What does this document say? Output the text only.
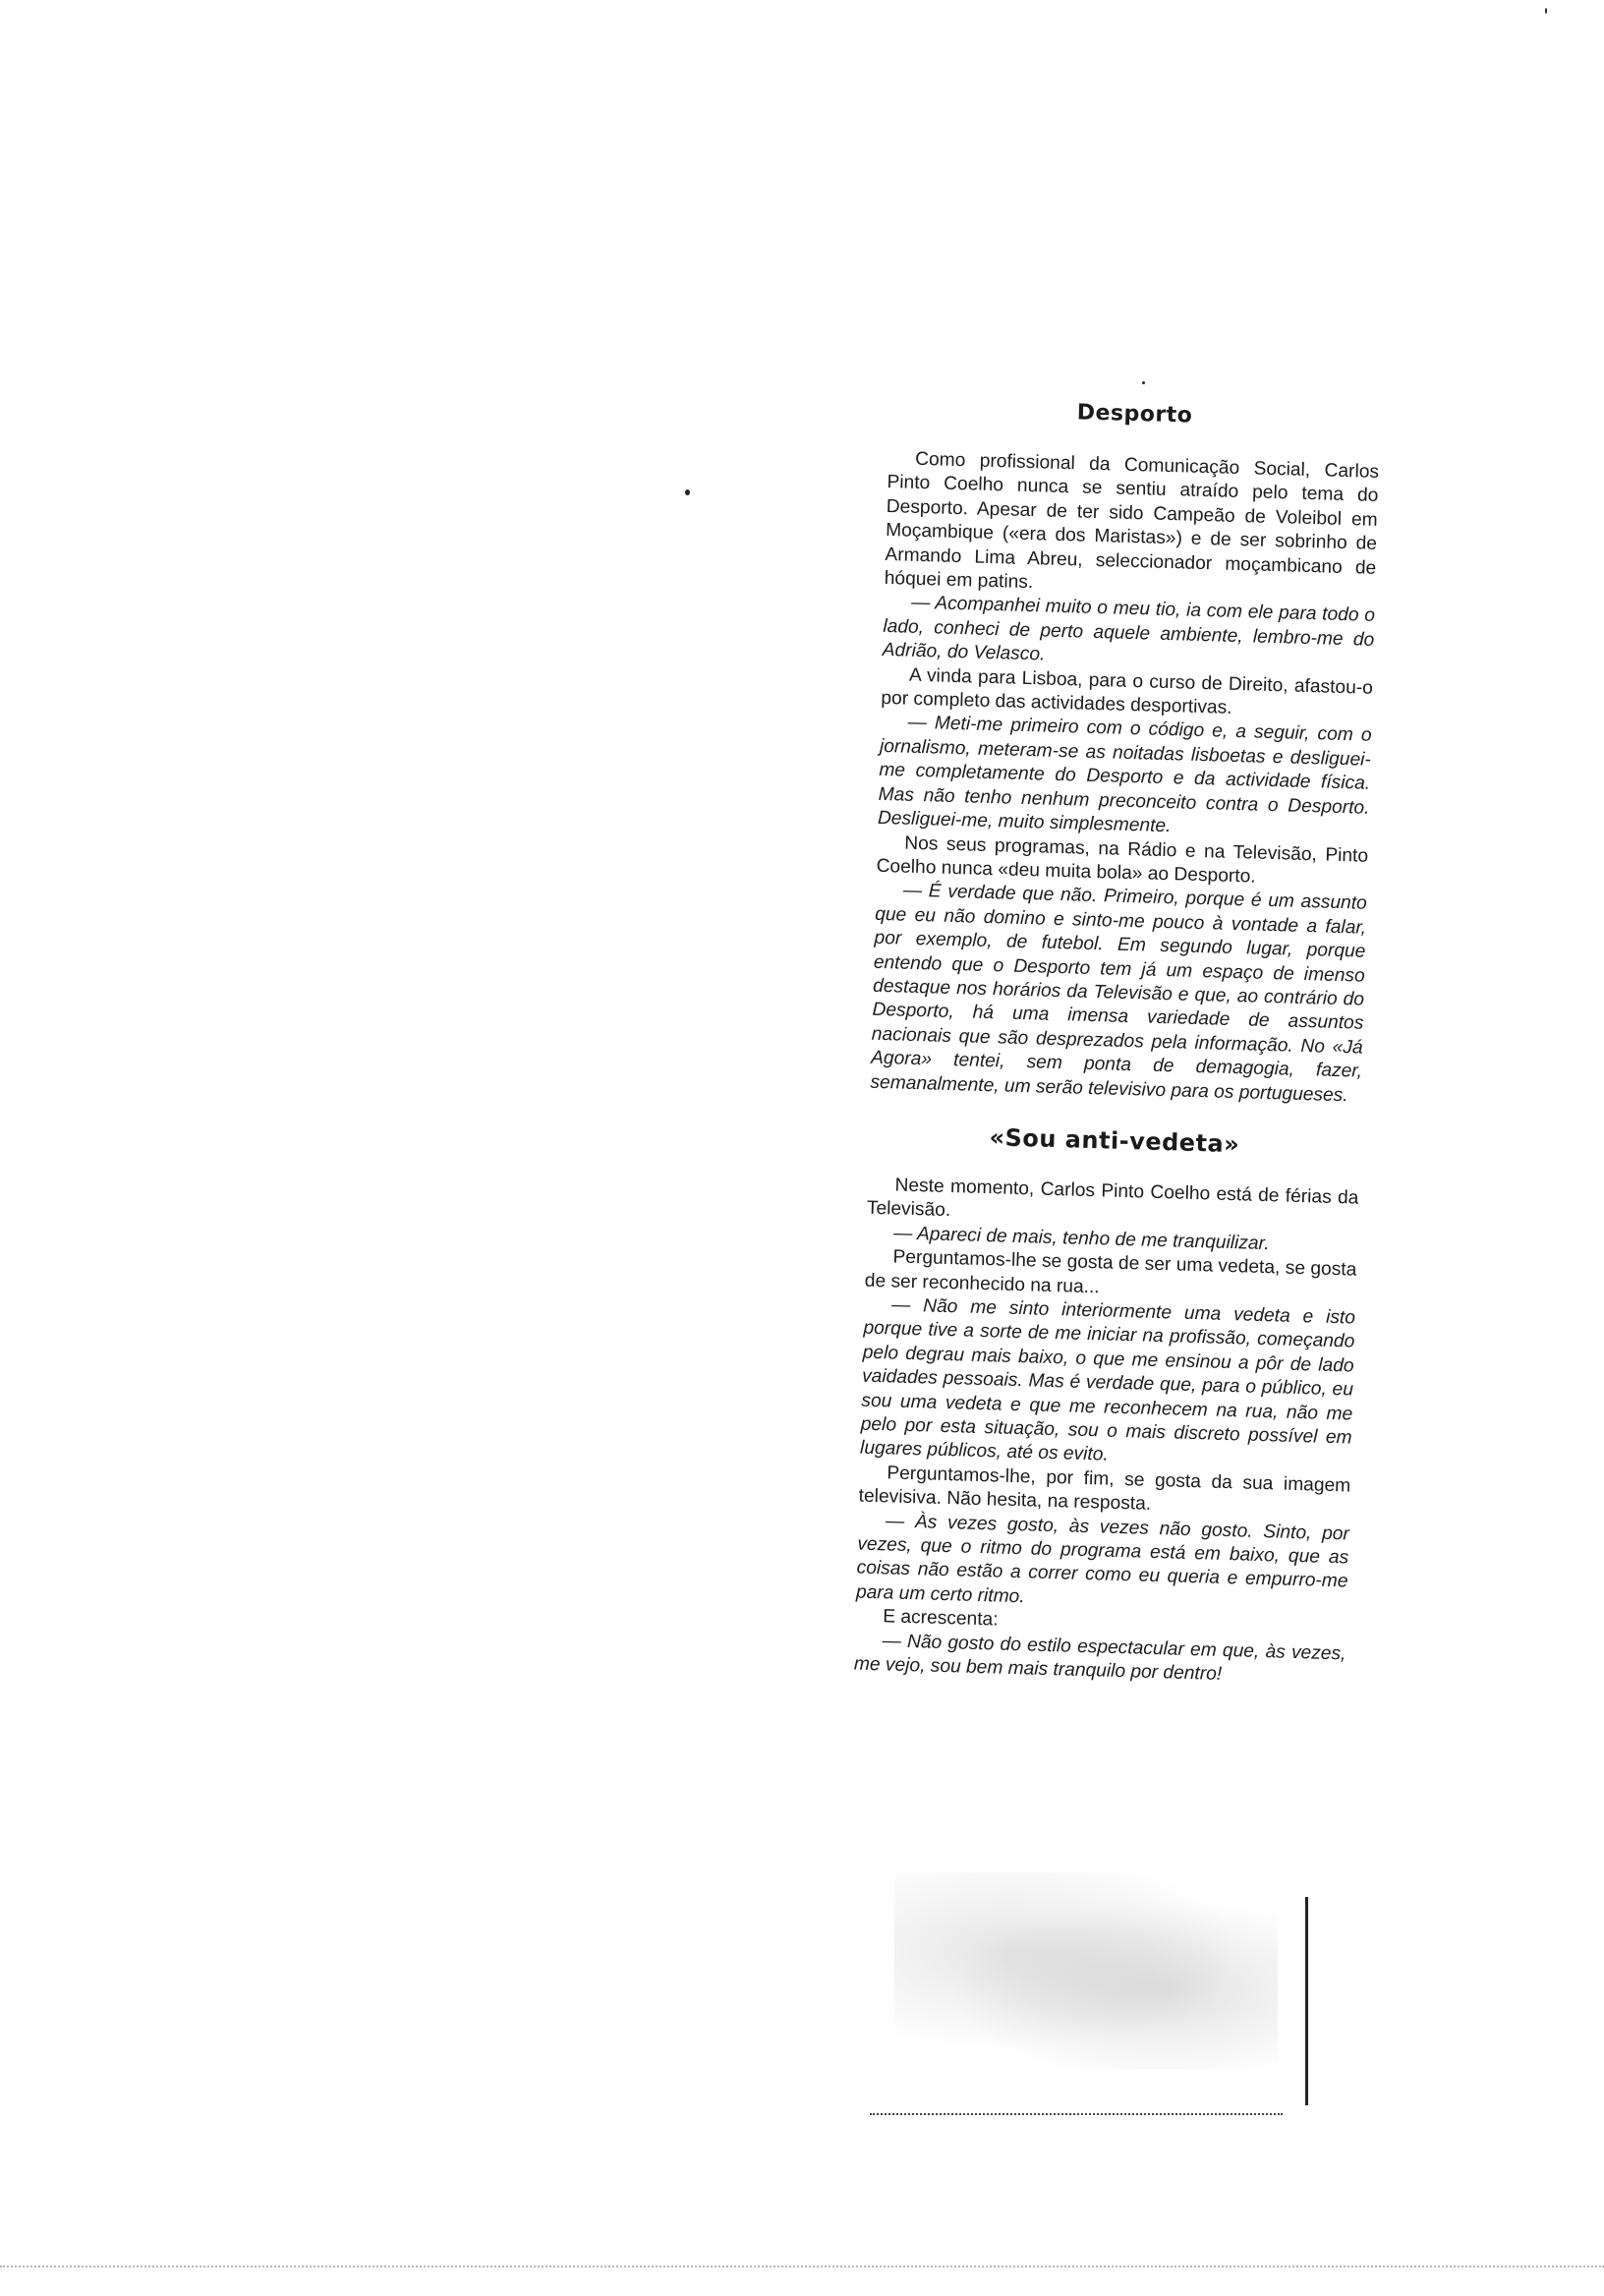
Desporto

Como profissional da Comunicação Social, Carlos Pinto Coelho nunca se sentiu atraído pelo tema do Desporto. Apesar de ter sido Campeão de Voleibol em Moçambique («era dos Maristas») e de ser sobrinho de Armando Lima Abreu, seleccionador moçambicano de hóquei em patins.

— Acompanhei muito o meu tio, ia com ele para todo o lado, conheci de perto aquele ambiente, lembro-me do Adrião, do Velasco.

A vinda para Lisboa, para o curso de Direito, afastou-o por completo das actividades desportivas.

— Meti-me primeiro com o código e, a seguir, com o jornalismo, meteram-se as noitadas lisboetas e desliguei-me completamente do Desporto e da actividade física. Mas não tenho nenhum preconceito contra o Desporto. Desliguei-me, muito simplesmente.

Nos seus programas, na Rádio e na Televisão, Pinto Coelho nunca «deu muita bola» ao Desporto.

— É verdade que não. Primeiro, porque é um assunto que eu não domino e sinto-me pouco à vontade a falar, por exemplo, de futebol. Em segundo lugar, porque entendo que o Desporto tem já um espaço de imenso destaque nos horários da Televisão e que, ao contrário do Desporto, há uma imensa variedade de assuntos nacionais que são desprezados pela informação. No «Já Agora» tentei, sem ponta de demagogia, fazer, semanalmente, um serão televisivo para os portugueses.

«Sou anti-vedeta»

Neste momento, Carlos Pinto Coelho está de férias da Televisão.

— Apareci de mais, tenho de me tranquilizar.

Perguntamos-lhe se gosta de ser uma vedeta, se gosta de ser reconhecido na rua...

— Não me sinto interiormente uma vedeta e isto porque tive a sorte de me iniciar na profissão, começando pelo degrau mais baixo, o que me ensinou a pôr de lado vaidades pessoais. Mas é verdade que, para o público, eu sou uma vedeta e que me reconhecem na rua, não me pelo por esta situação, sou o mais discreto possível em lugares públicos, até os evito.

Perguntamos-lhe, por fim, se gosta da sua imagem televisiva. Não hesita, na resposta.

— Às vezes gosto, às vezes não gosto. Sinto, por vezes, que o ritmo do programa está em baixo, que as coisas não estão a correr como eu queria e empurro-me para um certo ritmo.

E acrescenta:

— Não gosto do estilo espectacular em que, às vezes, me vejo, sou bem mais tranquilo por dentro!
